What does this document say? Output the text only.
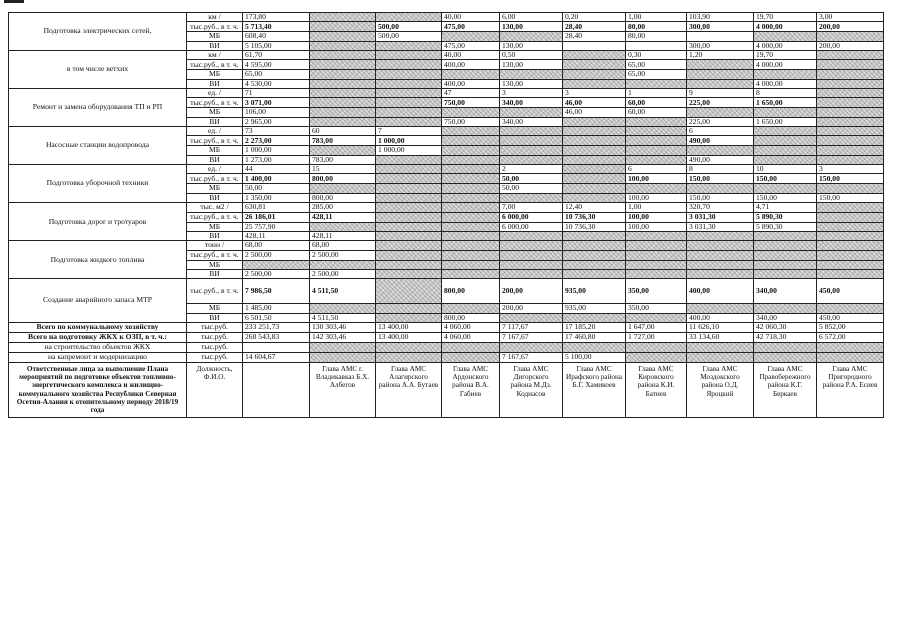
Подготовка электрических сетей,	км /	173,80			40,00	6,00	0,20	1,00	103,90	19,70	3,00
	тыс.руб., в т. ч.	5 713,40		500,00	475,00	130,00	28,40	80,00	300,00	4 000,00	200,00
	МБ	608,40		500,00			28,40	80,00			
	ВИ	5 105,00			475,00	130,00			300,00	4 000,00	200,00
в том числе ветхих	км /	61,70			40,00	0,50		0,30	1,20	19,70	
	тыс.руб., в т. ч.	4 595,00			400,00	130,00		65,00		4 000,00	
	МБ	65,00						65,00			
	ВИ	4 530,00			400,00	130,00				4 000,00	
Ремонт и замена оборудования ТП и РП	ед. /	71			47	3	3	1	9	8	
	тыс.руб., в т. ч.	3 071,00			750,00	340,00	46,00	60,00	225,00	1 650,00	
	МБ	106,00					46,00	60,00			
	ВИ	2 965,00			750,00	340,00			225,00	1 650,00	
Насосные станции водопровода	ед. /	73	60	7					6		
	тыс.руб., в т. ч.	2 273,00	783,00	1 000,00					490,00		
	МБ	1 000,00		1 000,00							
	ВИ	1 273,00	783,00						490,00		
Подготовка уборочной техники	ед. /	44	15			2		6	8	10	3
	тыс.руб., в т. ч.	1 400,00	800,00			50,00		100,00	150,00	150,00	150,00
	МБ	50,00				50,00					
	ВИ	1 350,00	800,00					100,00	150,00	150,00	150,00
Подготовка дорог и тротуаров	тыс. м2 /	630,81	285,00			7,00	12,40	1,00	320,70	4,71	
	тыс.руб., в т. ч.	26 186,01	428,11			6 000,00	10 736,30	100,00	3 031,30	5 890,30	
	МБ	25 757,90				6 000,00	10 736,30	100,00	3 031,30	5 890,30	
	ВИ	428,11	428,11								
Подготовка жидкого топлива	тонн /	68,00	68,00								
	тыс.руб., в т. ч.	2 500,00	2 500,00								
	МБ										
	ВИ	2 500,00	2 500,00								
Создание аварийного запаса МТР	тыс.руб., в т. ч.	7 986,50	4 511,50		800,00	200,00	935,00	350,00	400,00	340,00	450,00
	МБ	1 485,00				200,00	935,00	350,00			
	ВИ	6 501,50	4 511,50		800,00				400,00	340,00	450,00
Всего по коммунальному хозяйству	тыс.руб.	233 251,73	130 303,46	13 400,00	4 060,00	7 117,67	17 185,20	1 647,00	11 626,10	42 060,30	5 852,00
Всего на подготовку ЖКХ к ОЗП, в т. ч.:	тыс.руб.	268 543,83	142 303,46	13 400,00	4 060,00	7 167,67	17 460,80	1 727,00	33 134,60	42 718,30	6 572,00
на строительство объектов ЖКХ	тыс.руб.										
на капремонт и модернизацию	тыс.руб.	14 604,67				7 167,67	5 100,00				
Ответственные лица за выполнение Плана мероприятий по подготовке объектов топливно-энергетического комплекса и жилищно-коммунального хозяйства Республики Северная Осетия-Алания к отопительному периоду 2018/19 года	Должность, Ф.И.О.		Глава АМС г. Владикавказ Б.Х. Албегов	Глава АМС Алагирского района А.А. Бутаев	Глава АМС Ардонского района В.А. Габиев	Глава АМС Дигорского района М.Дз. Кодиасов	Глава АМС Ирафского района Б.Г. Хамикоев	Глава АМС Кировского района К.И. Батиев	Глава АМС Моздокского района О.Д. Яроцкий	Глава АМС Правобережного района К.Г. Беркаев	Глава АМС Пригородного района Р.А. Есиев
